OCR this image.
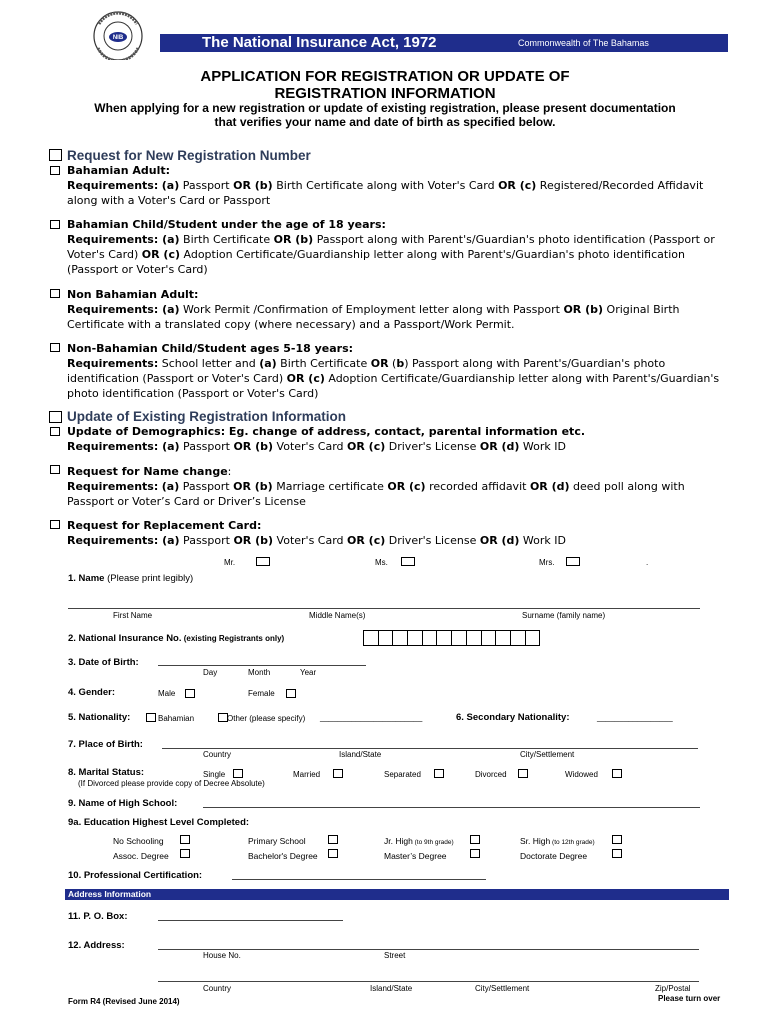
NIB	The National Insurance Act, 1972	Commonwealth of The Bahamas
APPLICATION FOR REGISTRATION OR UPDATE OF
REGISTRATION INFORMATION
When applying for a new registration or update of existing registration, please present documentation
that verifies your name and date of birth as specified below.
Request for New Registration Number
Bahamian Adult:
Requirements: (a) Passport OR (b) Birth Certificate along with Voter's Card OR (c) Registered/Recorded Affidavit along with a Voter's Card or Passport
Bahamian Child/Student under the age of 18 years:
Requirements: (a) Birth Certificate OR (b) Passport along with Parent's/Guardian's photo identification (Passport or Voter's Card) OR (c) Adoption Certificate/Guardianship letter along with Parent's/Guardian's photo identification (Passport or Voter's Card)
Non Bahamian Adult:
Requirements: (a) Work Permit /Confirmation of Employment letter along with Passport OR (b) Original Birth Certificate with a translated copy (where necessary) and a Passport/Work Permit.
Non-Bahamian Child/Student ages 5-18 years:
Requirements: School letter and (a) Birth Certificate OR (b) Passport along with Parent's/Guardian's photo identification (Passport or Voter's Card) OR (c) Adoption Certificate/Guardianship letter along with Parent's/Guardian's photo identification (Passport or Voter's Card)
Update of Existing Registration Information
Update of Demographics: Eg. change of address, contact, parental information etc.
Requirements: (a) Passport OR (b) Voter's Card OR (c) Driver's License OR (d) Work ID
Request for Name change:
Requirements: (a) Passport OR (b) Marriage certificate OR (c) recorded affidavit OR (d) deed poll along with Passport or Voter’s Card or Driver’s License
Request for Replacement Card:
Requirements: (a) Passport OR (b) Voter's Card OR (c) Driver's License OR (d) Work ID
Mr.	Ms.	Mrs.	.
1. Name (Please print legibly)
First Name	Middle Name(s)	Surname (family name)
2. National Insurance No. (existing Registrants only)
3. Date of Birth:
Day	Month	Year
4. Gender:	Male	Female
5. Nationality:	Bahamian	Other (please specify) _______________________	6. Secondary Nationality:	_________________
7. Place of Birth:
Country	Island/State	City/Settlement
8. Marital Status:
(If Divorced please provide copy of Decree Absolute)
Single	Married	Separated	Divorced	Widowed
9. Name of High School:
9a. Education Highest Level Completed:
No Schooling	Primary School	Jr. High (to 9th grade)	Sr. High (to 12th grade)
Assoc. Degree	Bachelor's Degree	Master’s Degree	Doctorate Degree
10. Professional Certification:
Address Information
11. P. O. Box:
12. Address:
House No.	Street
Country	Island/State	City/Settlement	Zip/Postal
Form R4 (Revised June 2014)	Please turn over
